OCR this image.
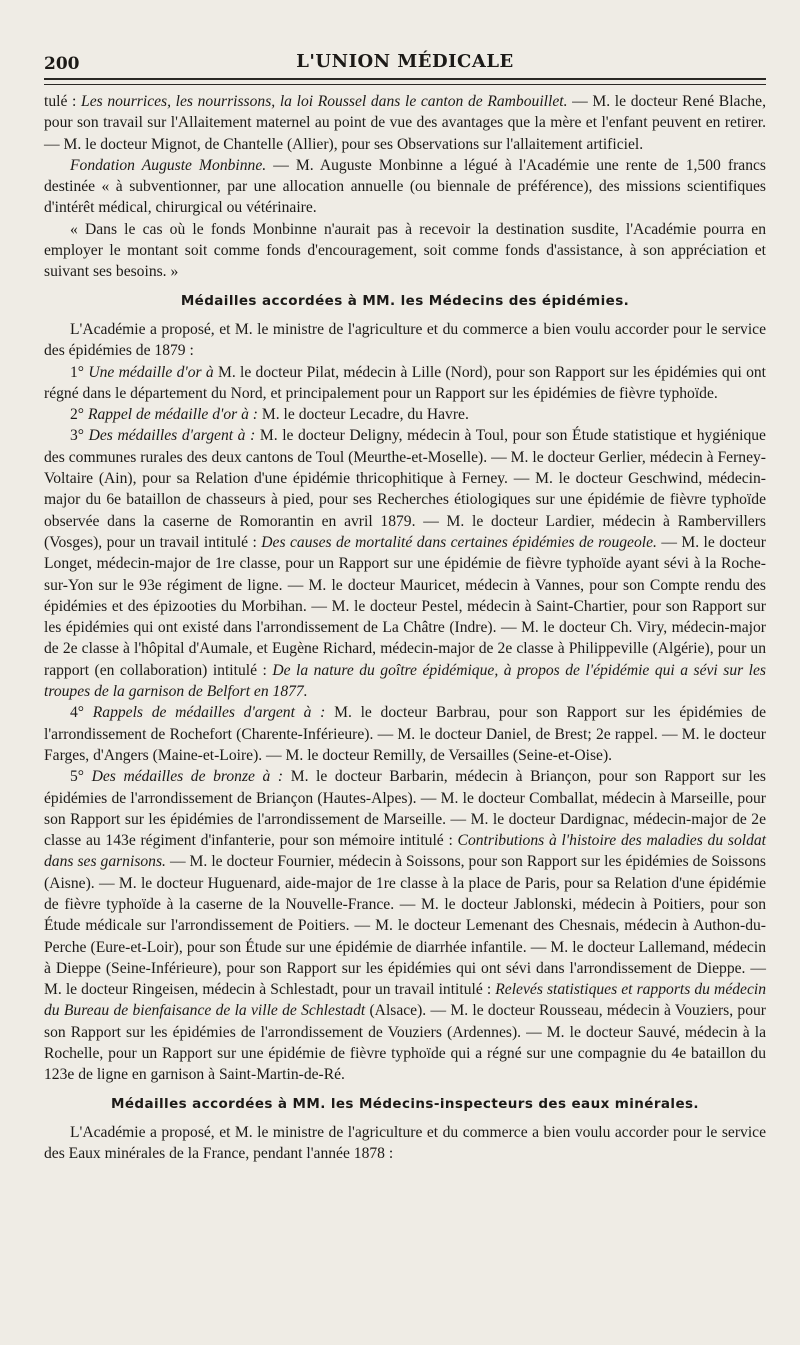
200	L'UNION MÉDICALE

tulé : Les nourrices, les nourrissons, la loi Roussel dans le canton de Rambouillet. — M. le docteur René Blache, pour son travail sur l'Allaitement maternel au point de vue des avantages que la mère et l'enfant peuvent en retirer. — M. le docteur Mignot, de Chantelle (Allier), pour ses Observations sur l'allaitement artificiel.

Fondation Auguste Monbinne. — M. Auguste Monbinne a légué à l'Académie une rente de 1,500 francs destinée « à subventionner, par une allocation annuelle (ou biennale de préférence), des missions scientifiques d'intérêt médical, chirurgical ou vétérinaire.

« Dans le cas où le fonds Monbinne n'aurait pas à recevoir la destination susdite, l'Académie pourra en employer le montant soit comme fonds d'encouragement, soit comme fonds d'assistance, à son appréciation et suivant ses besoins. »

Médailles accordées à MM. les Médecins des épidémies.

L'Académie a proposé, et M. le ministre de l'agriculture et du commerce a bien voulu accorder pour le service des épidémies de 1879 :

1° Une médaille d'or à M. le docteur Pilat, médecin à Lille (Nord), pour son Rapport sur les épidémies qui ont régné dans le département du Nord, et principalement pour un Rapport sur les épidémies de fièvre typhoïde.

2° Rappel de médaille d'or à : M. le docteur Lecadre, du Havre.

3° Des médailles d'argent à : M. le docteur Deligny, médecin à Toul, pour son Étude statistique et hygiénique des communes rurales des deux cantons de Toul (Meurthe-et-Moselle). — M. le docteur Gerlier, médecin à Ferney-Voltaire (Ain), pour sa Relation d'une épidémie thricophitique à Ferney. — M. le docteur Geschwind, médecin-major du 6e bataillon de chasseurs à pied, pour ses Recherches étiologiques sur une épidémie de fièvre typhoïde observée dans la caserne de Romorantin en avril 1879. — M. le docteur Lardier, médecin à Rambervillers (Vosges), pour un travail intitulé : Des causes de mortalité dans certaines épidémies de rougeole. — M. le docteur Longet, médecin-major de 1re classe, pour un Rapport sur une épidémie de fièvre typhoïde ayant sévi à la Roche-sur-Yon sur le 93e régiment de ligne. — M. le docteur Mauricet, médecin à Vannes, pour son Compte rendu des épidémies et des épizooties du Morbihan. — M. le docteur Pestel, médecin à Saint-Chartier, pour son Rapport sur les épidémies qui ont existé dans l'arrondissement de La Châtre (Indre). — M. le docteur Ch. Viry, médecin-major de 2e classe à l'hôpital d'Aumale, et Eugène Richard, médecin-major de 2e classe à Philippeville (Algérie), pour un rapport (en collaboration) intitulé : De la nature du goître épidémique, à propos de l'épidémie qui a sévi sur les troupes de la garnison de Belfort en 1877.

4° Rappels de médailles d'argent à : M. le docteur Barbrau, pour son Rapport sur les épidémies de l'arrondissement de Rochefort (Charente-Inférieure). — M. le docteur Daniel, de Brest; 2e rappel. — M. le docteur Farges, d'Angers (Maine-et-Loire). — M. le docteur Remilly, de Versailles (Seine-et-Oise).

5° Des médailles de bronze à : M. le docteur Barbarin, médecin à Briançon, pour son Rapport sur les épidémies de l'arrondissement de Briançon (Hautes-Alpes). — M. le docteur Comballat, médecin à Marseille, pour son Rapport sur les épidémies de l'arrondissement de Marseille. — M. le docteur Dardignac, médecin-major de 2e classe au 143e régiment d'infanterie, pour son mémoire intitulé : Contributions à l'histoire des maladies du soldat dans ses garnisons. — M. le docteur Fournier, médecin à Soissons, pour son Rapport sur les épidémies de Soissons (Aisne). — M. le docteur Huguenard, aide-major de 1re classe à la place de Paris, pour sa Relation d'une épidémie de fièvre typhoïde à la caserne de la Nouvelle-France. — M. le docteur Jablonski, médecin à Poitiers, pour son Étude médicale sur l'arrondissement de Poitiers. — M. le docteur Lemenant des Chesnais, médecin à Authon-du-Perche (Eure-et-Loir), pour son Étude sur une épidémie de diarrhée infantile. — M. le docteur Lallemand, médecin à Dieppe (Seine-Inférieure), pour son Rapport sur les épidémies qui ont sévi dans l'arrondissement de Dieppe. — M. le docteur Ringeisen, médecin à Schlestadt, pour un travail intitulé : Relevés statistiques et rapports du médecin du Bureau de bienfaisance de la ville de Schlestadt (Alsace). — M. le docteur Rousseau, médecin à Vouziers, pour son Rapport sur les épidémies de l'arrondissement de Vouziers (Ardennes). — M. le docteur Sauvé, médecin à la Rochelle, pour un Rapport sur une épidémie de fièvre typhoïde qui a régné sur une compagnie du 4e bataillon du 123e de ligne en garnison à Saint-Martin-de-Ré.

Médailles accordées à MM. les Médecins-inspecteurs des eaux minérales.

L'Académie a proposé, et M. le ministre de l'agriculture et du commerce a bien voulu accorder pour le service des Eaux minérales de la France, pendant l'année 1878 :
